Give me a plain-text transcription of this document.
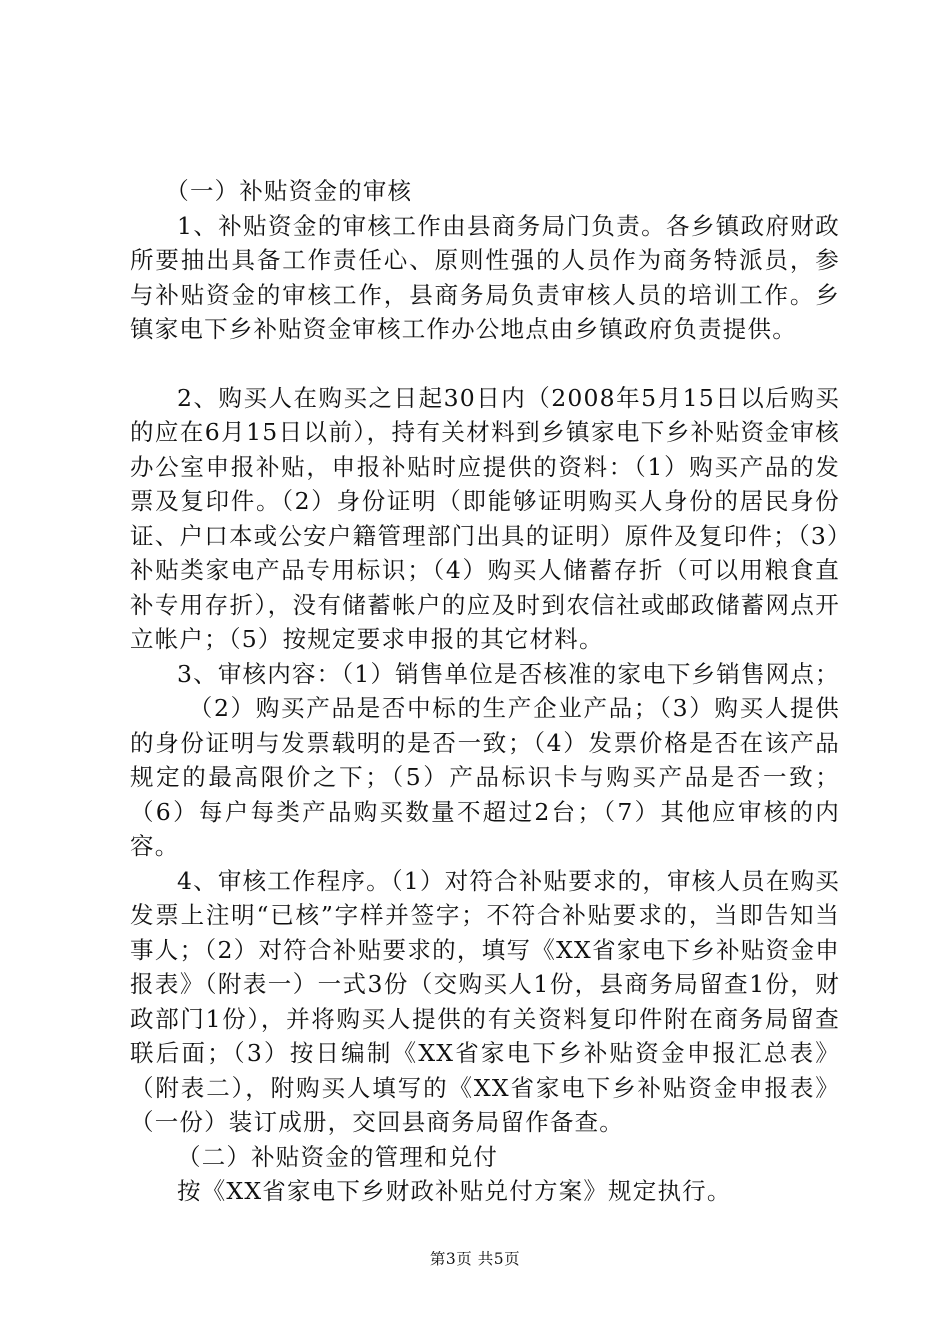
（一）补贴资金的审核

1、补贴资金的审核工作由县商务局门负责。各乡镇政府财政所要抽出具备工作责任心、原则性强的人员作为商务特派员，参与补贴资金的审核工作，县商务局负责审核人员的培训工作。乡镇家电下乡补贴资金审核工作办公地点由乡镇政府负责提供。

2、购买人在购买之日起30日内（2008年5月15日以后购买的应在6月15日以前），持有关材料到乡镇家电下乡补贴资金审核办公室申报补贴，申报补贴时应提供的资料：（1）购买产品的发票及复印件。（2）身份证明（即能够证明购买人身份的居民身份证、户口本或公安户籍管理部门出具的证明）原件及复印件；（3）补贴类家电产品专用标识；（4）购买人储蓄存折（可以用粮食直补专用存折），没有储蓄帐户的应及时到农信社或邮政储蓄网点开立帐户；（5）按规定要求申报的其它材料。

3、审核内容：（1）销售单位是否核准的家电下乡销售网点；

（2）购买产品是否中标的生产企业产品；（3）购买人提供的身份证明与发票载明的是否一致；（4）发票价格是否在该产品规定的最高限价之下；（5）产品标识卡与购买产品是否一致；（6）每户每类产品购买数量不超过2台；（7）其他应审核的内容。

4、审核工作程序。（1）对符合补贴要求的，审核人员在购买发票上注明“已核”字样并签字；不符合补贴要求的，当即告知当事人；（2）对符合补贴要求的，填写《XX省家电下乡补贴资金申报表》（附表一）一式3份（交购买人1份，县商务局留查1份，财政部门1份），并将购买人提供的有关资料复印件附在商务局留查联后面；（3）按日编制《XX省家电下乡补贴资金申报汇总表》（附表二），附购买人填写的《XX省家电下乡补贴资金申报表》（一份）装订成册，交回县商务局留作备查。

（二）补贴资金的管理和兑付

按《XX省家电下乡财政补贴兑付方案》规定执行。

第3页 共5页
